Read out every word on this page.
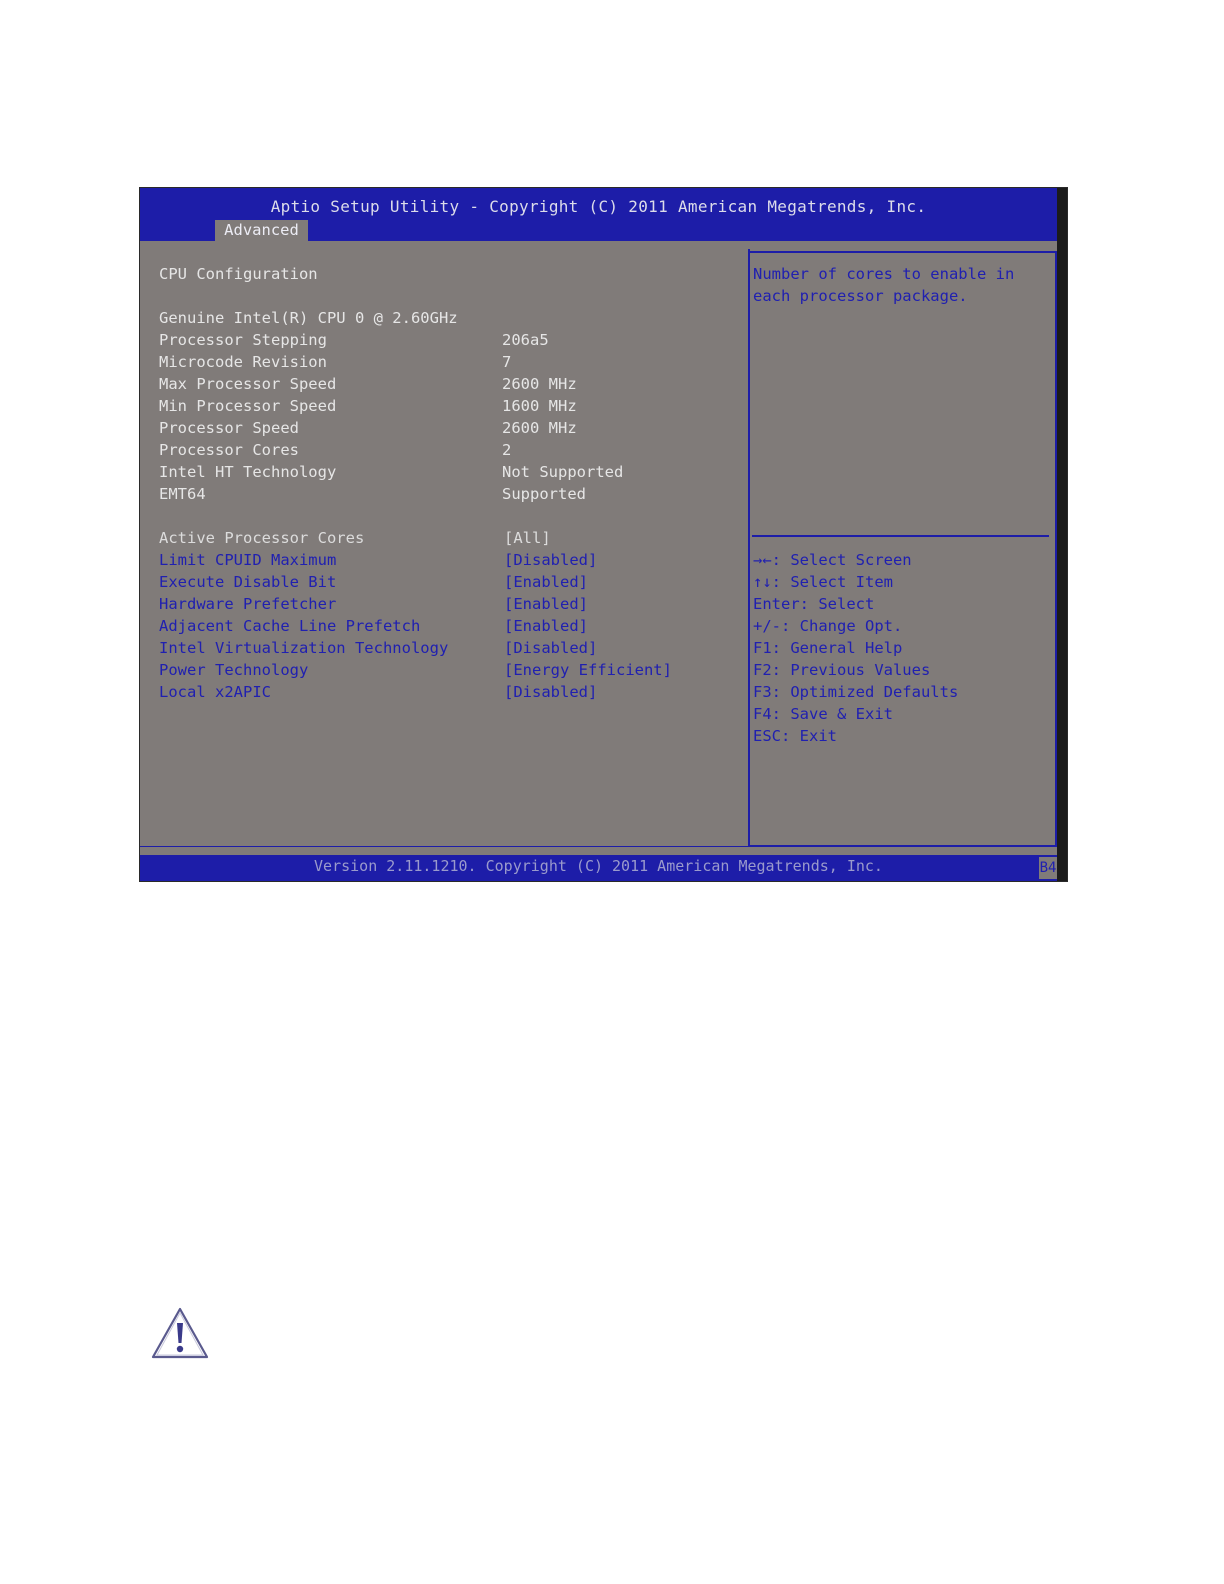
Aptio Setup Utility - Copyright (C) 2011 American Megatrends, Inc.
Advanced
CPU Configuration
Genuine Intel(R) CPU 0 @ 2.60GHz
Processor Stepping	206a5
Microcode Revision	7
Max Processor Speed	2600 MHz
Min Processor Speed	1600 MHz
Processor Speed	2600 MHz
Processor Cores	2
Intel HT Technology	Not Supported
EMT64	Supported
Active Processor Cores	[All]
Limit CPUID Maximum	[Disabled]
Execute Disable Bit	[Enabled]
Hardware Prefetcher	[Enabled]
Adjacent Cache Line Prefetch	[Enabled]
Intel Virtualization Technology	[Disabled]
Power Technology	[Energy Efficient]
Local x2APIC	[Disabled]
Number of cores to enable in
each processor package.
→←: Select Screen
↑↓: Select Item
Enter: Select
+/-: Change Opt.
F1: General Help
F2: Previous Values
F3: Optimized Defaults
F4: Save & Exit
ESC: Exit
Version 2.11.1210. Copyright (C) 2011 American Megatrends, Inc.	B4
